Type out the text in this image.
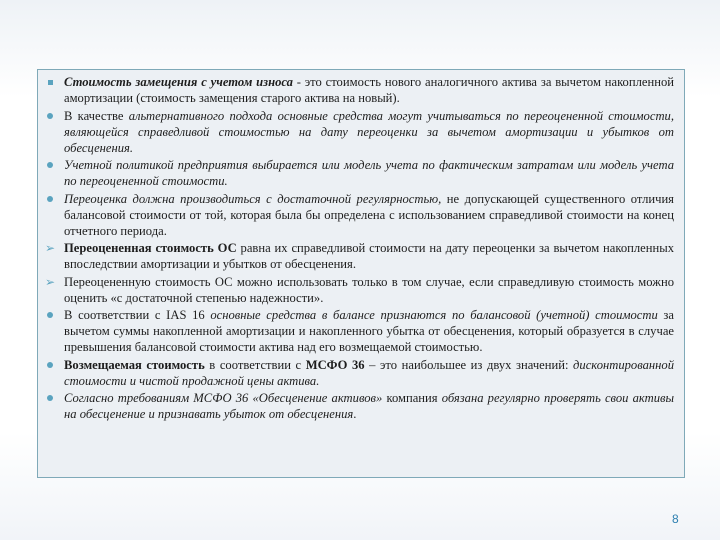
Стоимость замещения с учетом износа - это стоимость нового аналогичного актива за вычетом накопленной амортизации (стоимость замещения старого актива на новый).
В качестве альтернативного подхода основные средства могут учитываться по переоцененной стоимости, являющейся справедливой стоимостью на дату переоценки за вычетом амортизации и убытков от обесценения.
Учетной политикой предприятия выбирается или модель учета по фактическим затратам или модель учета по переоцененной стоимости.
Переоценка должна производиться с достаточной регулярностью, не допускающей существенного отличия балансовой стоимости от той, которая была бы определена с использованием справедливой стоимости на конец отчетного периода.
➢ Переоцененная стоимость ОС равна их справедливой стоимости на дату переоценки за вычетом накопленных впоследствии амортизации и убытков от обесценения.
➢ Переоцененную стоимость ОС можно использовать только в том случае, если справедливую стоимость можно оценить «с достаточной степенью надежности».
В соответствии с IAS 16 основные средства в балансе признаются по балансовой (учетной) стоимости за вычетом суммы накопленной амортизации и накопленного убытка от обесценения, который образуется в случае превышения балансовой стоимости актива над его возмещаемой стоимостью.
Возмещаемая стоимость в соответствии с МСФО 36 – это наибольшее из двух значений: дисконтированной стоимости и чистой продажной цены актива.
Согласно требованиям МСФО 36 «Обесценение активов» компания обязана регулярно проверять свои активы на обесценение и признавать убыток от обесценения.
8
